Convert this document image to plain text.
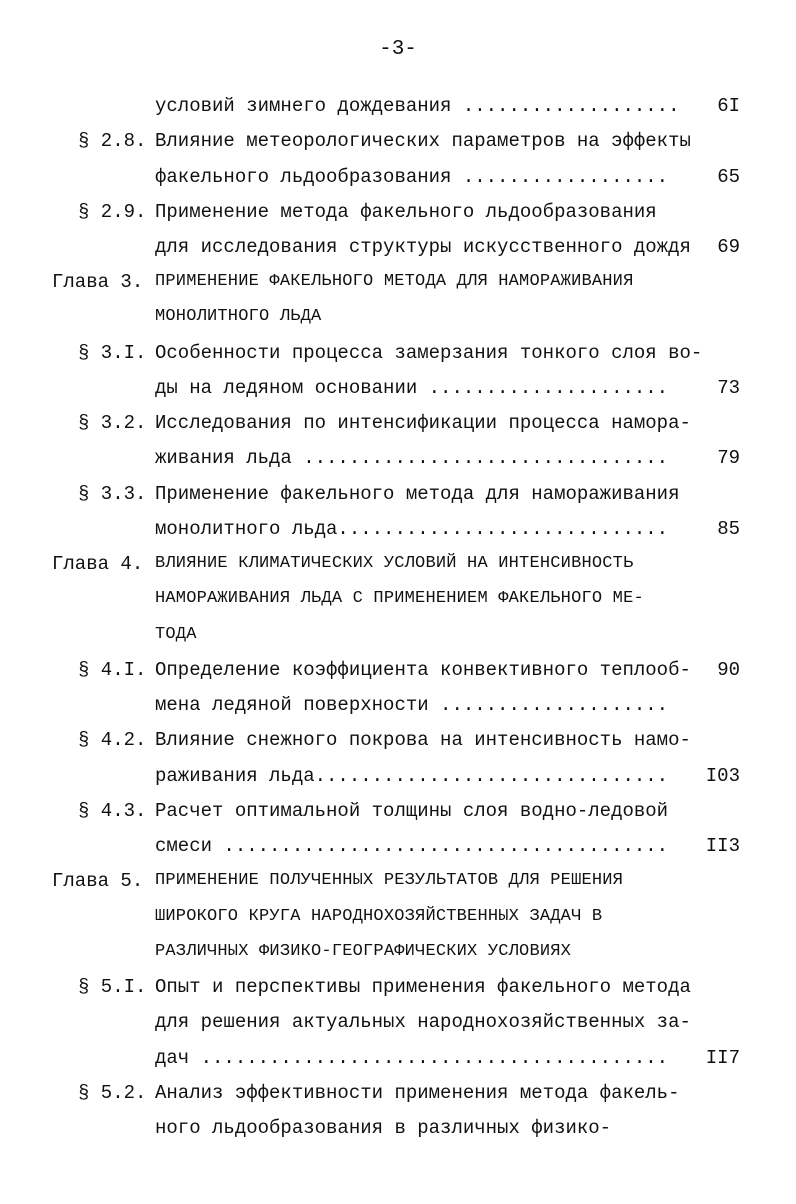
-3-
условий зимнего дождевания ...................	6I
§ 2.8. Влияние метеорологических параметров на эффекты
факельного льдообразования ..................	65
§ 2.9. Применение метода факельного льдообразования
для исследования структуры искусственного дождя	69
Глава 3. ПРИМЕНЕНИЕ ФАКЕЛЬНОГО МЕТОДА ДЛЯ НАМОРАЖИВАНИЯ
МОНОЛИТНОГО ЛЬДА
§ 3.I. Особенности процесса замерзания тонкого слоя во-
ды на ледяном основании .....................	73
§ 3.2. Исследования по интенсификации процесса намора-
живания льда ................................	79
§ 3.3. Применение факельного метода для намораживания
монолитного льда.............................	85
Глава 4. ВЛИЯНИЕ КЛИМАТИЧЕСКИХ УСЛОВИЙ НА ИНТЕНСИВНОСТЬ
НАМОРАЖИВАНИЯ ЛЬДА С ПРИМЕНЕНИЕМ ФАКЕЛЬНОГО МЕ-
ТОДА
§ 4.I. Определение коэффициента конвективного теплооб-	90
мена ледяной поверхности ....................
§ 4.2. Влияние снежного покрова на интенсивность намо-
раживания льда...............................	I03
§ 4.3. Расчет оптимальной толщины слоя водно-ледовой
смеси .......................................	II3
Глава 5. ПРИМЕНЕНИЕ ПОЛУЧЕННЫХ РЕЗУЛЬТАТОВ ДЛЯ РЕШЕНИЯ
ШИРОКОГО КРУГА НАРОДНОХОЗЯЙСТВЕННЫХ ЗАДАЧ В
РАЗЛИЧНЫХ ФИЗИКО-ГЕОГРАФИЧЕСКИХ УСЛОВИЯХ
§ 5.I. Опыт и перспективы применения факельного метода
для решения актуальных народнохозяйственных за-
дач .........................................	II7
§ 5.2. Анализ эффективности применения метода факель-
ного льдообразования в различных физико-
